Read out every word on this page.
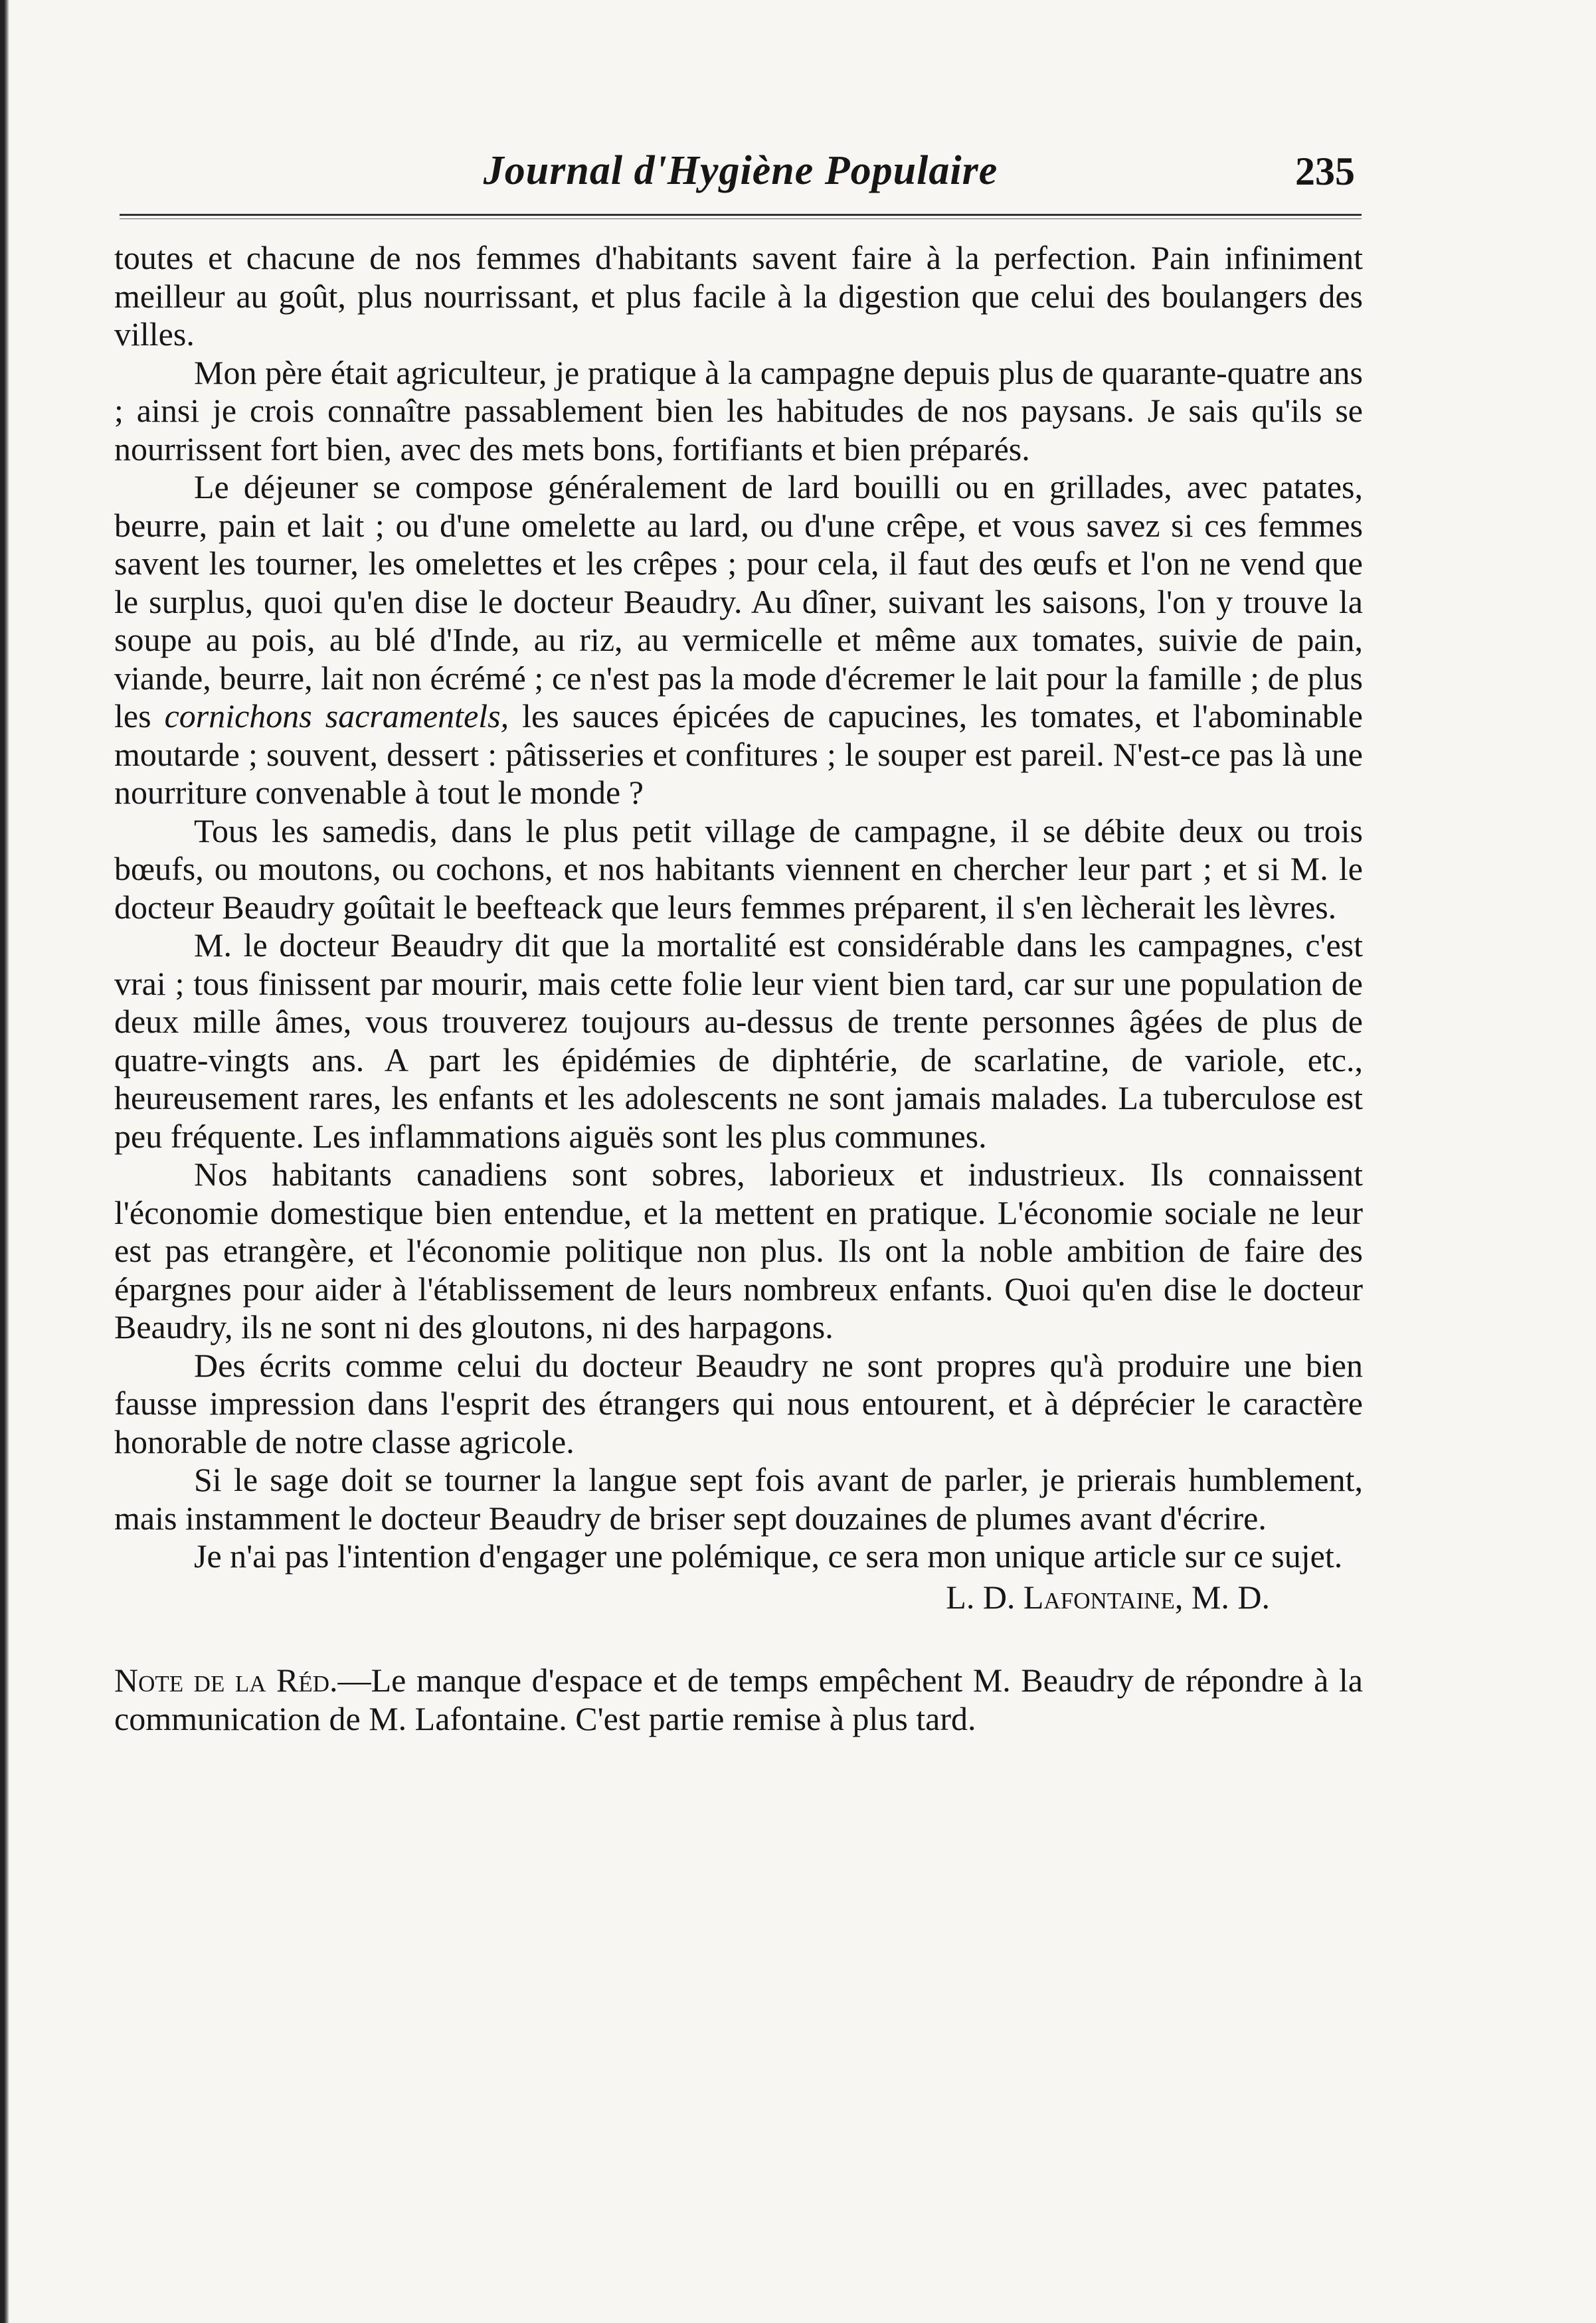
Journal d'Hygiène Populaire	235

toutes et chacune de nos femmes d'habitants savent faire à la perfection. Pain infiniment meilleur au goût, plus nourrissant, et plus facile à la digestion que celui des boulangers des villes.

Mon père était agriculteur, je pratique à la campagne depuis plus de quarante-quatre ans ; ainsi je crois connaître passablement bien les habitudes de nos paysans. Je sais qu'ils se nourrissent fort bien, avec des mets bons, fortifiants et bien préparés.

Le déjeuner se compose généralement de lard bouilli ou en grillades, avec patates, beurre, pain et lait ; ou d'une omelette au lard, ou d'une crêpe, et vous savez si ces femmes savent les tourner, les omelettes et les crêpes ; pour cela, il faut des œufs et l'on ne vend que le surplus, quoi qu'en dise le docteur Beaudry. Au dîner, suivant les saisons, l'on y trouve la soupe au pois, au blé d'Inde, au riz, au vermicelle et même aux tomates, suivie de pain, viande, beurre, lait non écrémé ; ce n'est pas la mode d'écremer le lait pour la famille ; de plus les cornichons sacramentels, les sauces épicées de capucines, les tomates, et l'abominable moutarde ; souvent, dessert : pâtisseries et confitures ; le souper est pareil. N'est-ce pas là une nourriture convenable à tout le monde ?

Tous les samedis, dans le plus petit village de campagne, il se débite deux ou trois bœufs, ou moutons, ou cochons, et nos habitants viennent en chercher leur part ; et si M. le docteur Beaudry goûtait le beefteack que leurs femmes préparent, il s'en lècherait les lèvres.

M. le docteur Beaudry dit que la mortalité est considérable dans les campagnes, c'est vrai ; tous finissent par mourir, mais cette folie leur vient bien tard, car sur une population de deux mille âmes, vous trouverez toujours au-dessus de trente personnes âgées de plus de quatre-vingts ans. A part les épidémies de diphtérie, de scarlatine, de variole, etc., heureusement rares, les enfants et les adolescents ne sont jamais malades. La tuberculose est peu fréquente. Les inflammations aiguës sont les plus communes.

Nos habitants canadiens sont sobres, laborieux et industrieux. Ils connaissent l'économie domestique bien entendue, et la mettent en pratique. L'économie sociale ne leur est pas etrangère, et l'économie politique non plus. Ils ont la noble ambition de faire des épargnes pour aider à l'établissement de leurs nombreux enfants. Quoi qu'en dise le docteur Beaudry, ils ne sont ni des gloutons, ni des harpagons.

Des écrits comme celui du docteur Beaudry ne sont propres qu'à produire une bien fausse impression dans l'esprit des étrangers qui nous entourent, et à déprécier le caractère honorable de notre classe agricole.

Si le sage doit se tourner la langue sept fois avant de parler, je prierais humblement, mais instamment le docteur Beaudry de briser sept douzaines de plumes avant d'écrire.

Je n'ai pas l'intention d'engager une polémique, ce sera mon unique article sur ce sujet.

L. D. Lafontaine, M. D.

Note de la Réd.—Le manque d'espace et de temps empêchent M. Beaudry de répondre à la communication de M. Lafontaine. C'est partie remise à plus tard.
